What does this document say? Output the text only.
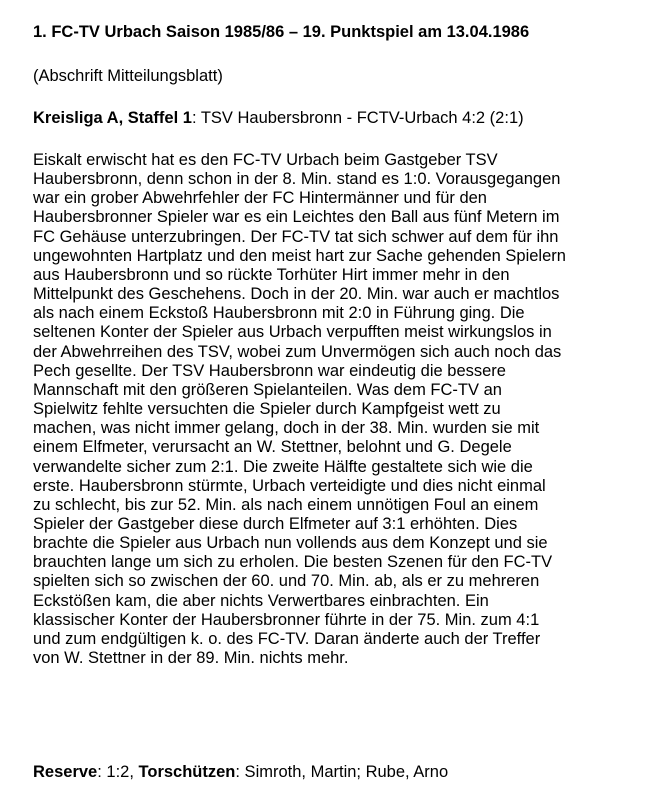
1. FC-TV Urbach Saison 1985/86 – 19. Punktspiel am 13.04.1986
(Abschrift Mitteilungsblatt)
Kreisliga A, Staffel 1: TSV Haubersbronn - FCTV-Urbach 4:2 (2:1)
Eiskalt erwischt hat es den FC-TV Urbach beim Gastgeber TSV
Haubersbronn, denn schon in der 8. Min. stand es 1:0. Vorausgegangen
war ein grober Abwehrfehler der FC Hintermänner und für den
Haubersbronner Spieler war es ein Leichtes den Ball aus fünf Metern im
FC Gehäuse unterzubringen. Der FC-TV tat sich schwer auf dem für ihn
ungewohnten Hartplatz und den meist hart zur Sache gehenden Spielern
aus Haubersbronn und so rückte Torhüter Hirt immer mehr in den
Mittelpunkt des Geschehens. Doch in der 20. Min. war auch er machtlos
als nach einem Eckstoß Haubersbronn mit 2:0 in Führung ging. Die
seltenen Konter der Spieler aus Urbach verpufften meist wirkungslos in
der Abwehrreihen des TSV, wobei zum Unvermögen sich auch noch das
Pech gesellte. Der TSV Haubersbronn war eindeutig die bessere
Mannschaft mit den größeren Spielanteilen. Was dem FC-TV an
Spielwitz fehlte versuchten die Spieler durch Kampfgeist wett zu
machen, was nicht immer gelang, doch in der 38. Min. wurden sie mit
einem Elfmeter, verursacht an W. Stettner, belohnt und G. Degele
verwandelte sicher zum 2:1. Die zweite Hälfte gestaltete sich wie die
erste. Haubersbronn stürmte, Urbach verteidigte und dies nicht einmal
zu schlecht, bis zur 52. Min. als nach einem unnötigen Foul an einem
Spieler der Gastgeber diese durch Elfmeter auf 3:1 erhöhten. Dies
brachte die Spieler aus Urbach nun vollends aus dem Konzept und sie
brauchten lange um sich zu erholen. Die besten Szenen für den FC-TV
spielten sich so zwischen der 60. und 70. Min. ab, als er zu mehreren
Eckstößen kam, die aber nichts Verwertbares einbrachten. Ein
klassischer Konter der Haubersbronner führte in der 75. Min. zum 4:1
und zum endgültigen k. o. des FC-TV. Daran änderte auch der Treffer
von W. Stettner in der 89. Min. nichts mehr.
Reserve: 1:2, Torschützen: Simroth, Martin; Rube, Arno
